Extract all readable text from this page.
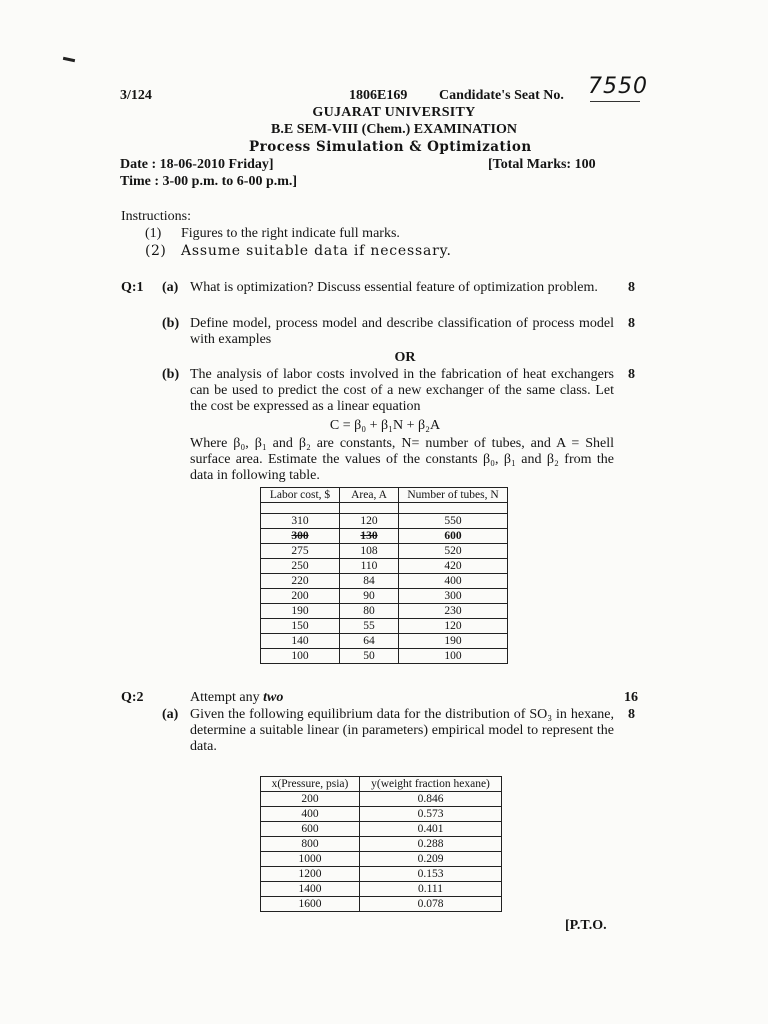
3/124	1806E169 Candidate's Seat No. 7550
GUJARAT UNIVERSITY
B.E SEM-VIII (Chem.) EXAMINATION
Process Simulation & Optimization
Date : 18-06-2010 Friday]	[Total Marks: 100
Time : 3-00 p.m. to 6-00 p.m.]
Instructions:
(1) Figures to the right indicate full marks.
(2) Assume suitable data if necessary.
Q:1 (a) What is optimization? Discuss essential feature of optimization problem.	8
(b) Define model, process model and describe classification of process model with examples
8
OR
(b) The analysis of labor costs involved in the fabrication of heat exchangers can be used to predict the cost of a new exchanger of the same class. Let the cost be expressed as a linear equation
8
C = β₀ + β₁N + β₂A
Where β₀, β₁ and β₂ are constants, N= number of tubes, and A = Shell surface area. Estimate the values of the constants β₀, β₁ and β₂ from the data in following table.
Labor cost, $	Area, A	Number of tubes, N

310	120	550
300	130	600
275	108	520
250	110	420
220	84	400
200	90	300
190	80	230
150	55	120
140	64	190
100	50	100
Q:2	Attempt any two	16
(a) Given the following equilibrium data for the distribution of SO₃ in hexane, determine a suitable linear (in parameters) empirical model to represent the data.
8
x(Pressure, psia)	y(weight fraction hexane)
200	0.846
400	0.573
600	0.401
800	0.288
1000	0.209
1200	0.153
1400	0.111
1600	0.078
[P.T.O.
